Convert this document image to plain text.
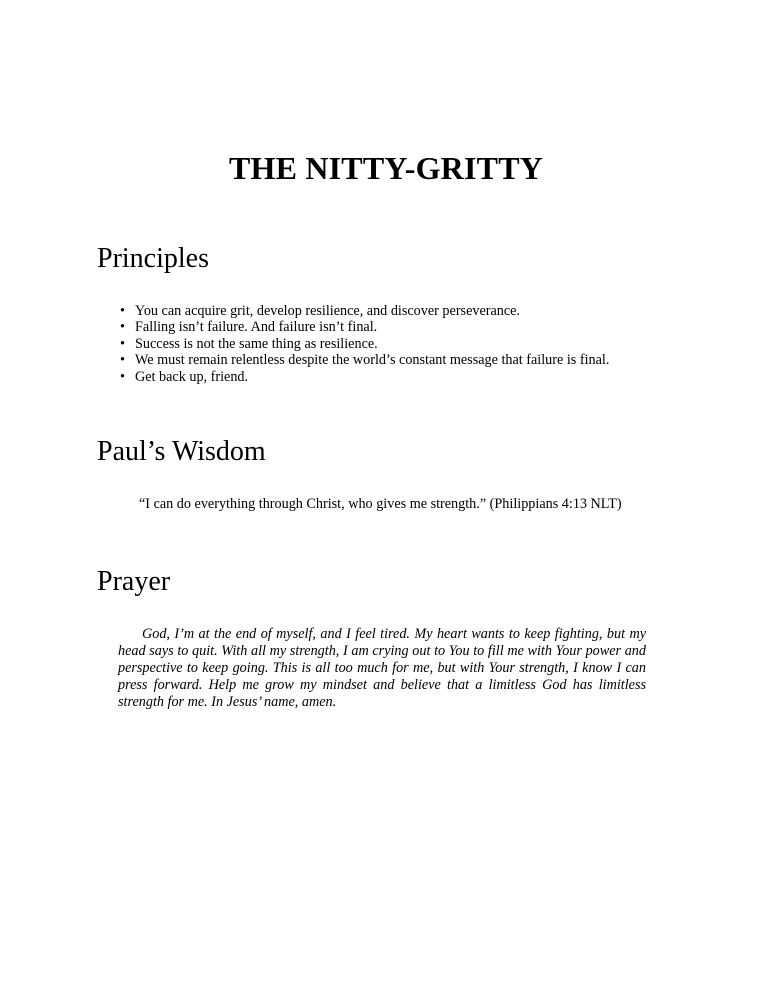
THE NITTY-GRITTY
Principles
• You can acquire grit, develop resilience, and discover perseverance.
• Falling isn’t failure. And failure isn’t final.
• Success is not the same thing as resilience.
• We must remain relentless despite the world’s constant message that failure is final.
• Get back up, friend.
Paul’s Wisdom

“I can do everything through Christ, who gives me strength.” (Philippians 4:13 NLT)

Prayer

God, I’m at the end of myself, and I feel tired. My heart wants to keep fighting, but my head says to quit. With all my strength, I am crying out to You to fill me with Your power and perspective to keep going. This is all too much for me, but with Your strength, I know I can press forward. Help me grow my mindset and believe that a limitless God has limitless strength for me. In Jesus’ name, amen.
